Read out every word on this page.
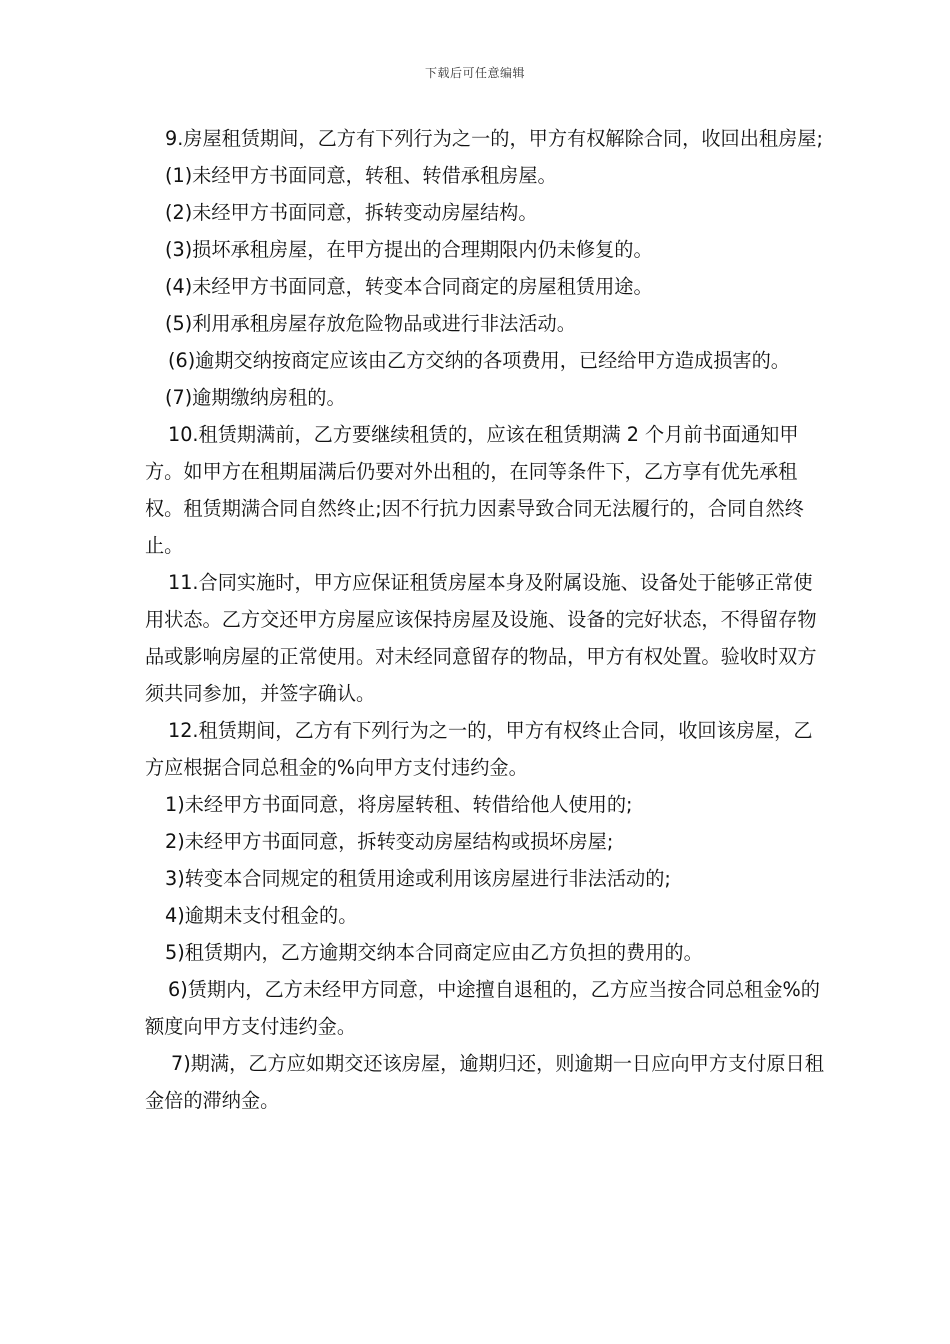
下载后可任意编辑

9.房屋租赁期间，乙方有下列行为之一的，甲方有权解除合同，收回出租房屋;

(1)未经甲方书面同意，转租、转借承租房屋。

(2)未经甲方书面同意，拆转变动房屋结构。

(3)损坏承租房屋，在甲方提出的合理期限内仍未修复的。

(4)未经甲方书面同意，转变本合同商定的房屋租赁用途。

(5)利用承租房屋存放危险物品或进行非法活动。

(6)逾期交纳按商定应该由乙方交纳的各项费用，已经给甲方造成损害的。

(7)逾期缴纳房租的。

10.租赁期满前，乙方要继续租赁的，应该在租赁期满 2 个月前书面通知甲方。如甲方在租期届满后仍要对外出租的，在同等条件下，乙方享有优先承租权。租赁期满合同自然终止;因不行抗力因素导致合同无法履行的，合同自然终止。

11.合同实施时，甲方应保证租赁房屋本身及附属设施、设备处于能够正常使用状态。乙方交还甲方房屋应该保持房屋及设施、设备的完好状态，不得留存物品或影响房屋的正常使用。对未经同意留存的物品，甲方有权处置。验收时双方须共同参加，并签字确认。

12.租赁期间，乙方有下列行为之一的，甲方有权终止合同，收回该房屋，乙方应根据合同总租金的%向甲方支付违约金。

1)未经甲方书面同意，将房屋转租、转借给他人使用的;

2)未经甲方书面同意，拆转变动房屋结构或损坏房屋;

3)转变本合同规定的租赁用途或利用该房屋进行非法活动的;

4)逾期未支付租金的。

5)租赁期内，乙方逾期交纳本合同商定应由乙方负担的费用的。

6)赁期内，乙方未经甲方同意，中途擅自退租的，乙方应当按合同总租金%的额度向甲方支付违约金。

7)期满，乙方应如期交还该房屋，逾期归还，则逾期一日应向甲方支付原日租金倍的滞纳金。
